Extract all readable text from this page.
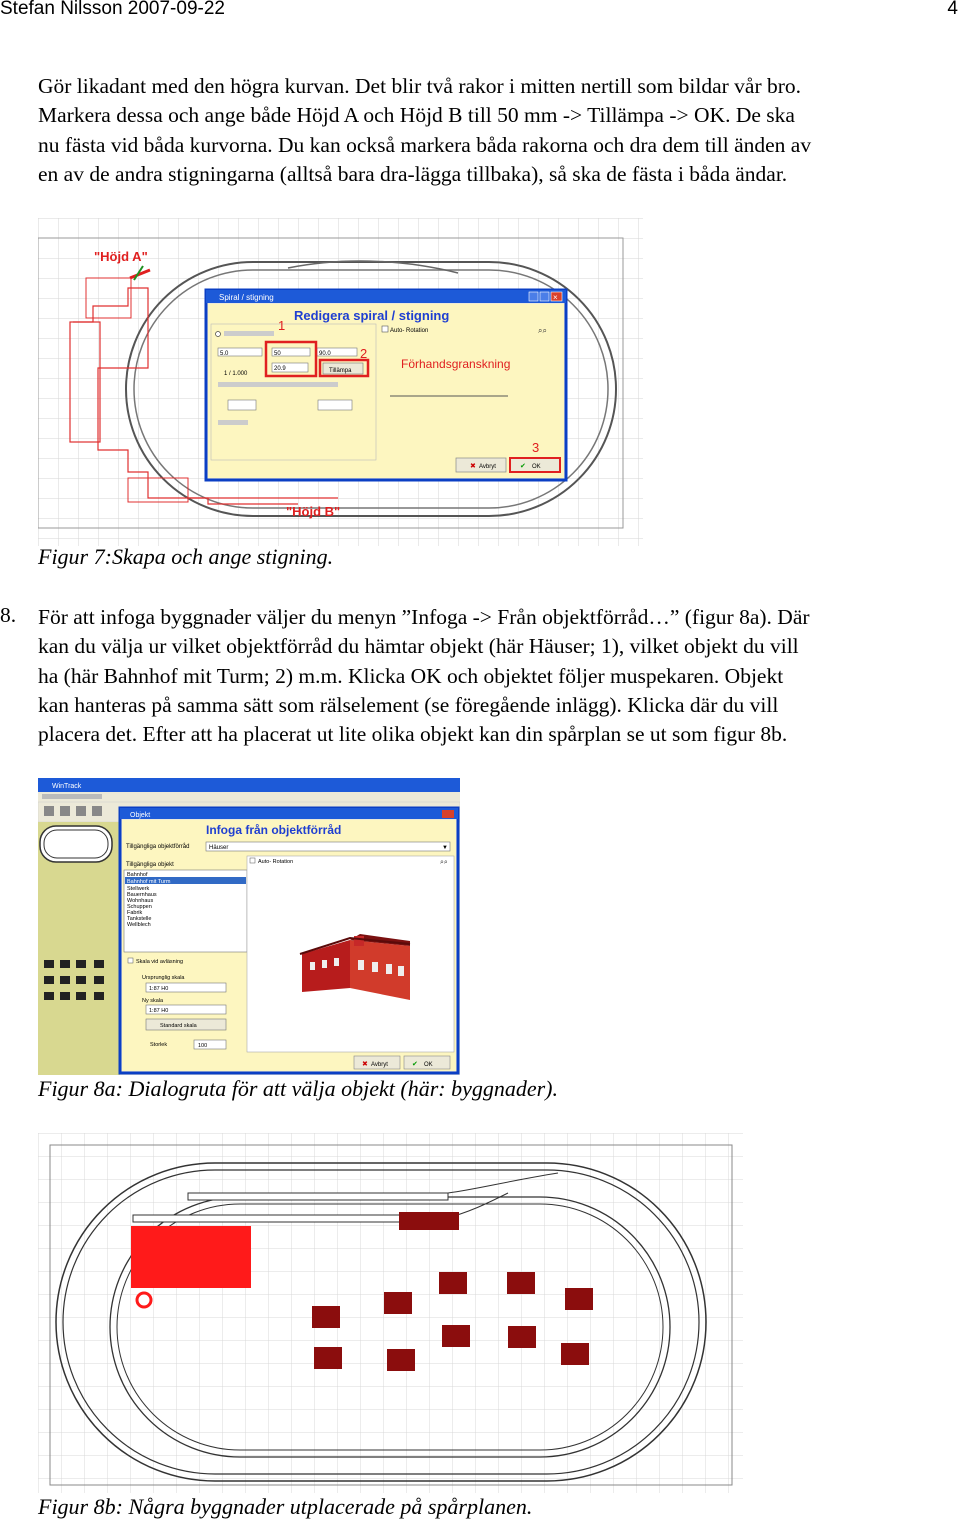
Stefan Nilsson 2007-09-22	4
Gör likadant med den högra kurvan. Det blir två rakor i mitten nertill som bildar vår bro.
Markera dessa och ange både Höjd A och Höjd B till 50 mm -> Tillämpa -> OK. De ska
nu fästa vid båda kurvorna. Du kan också markera båda rakorna och dra dem till änden av
en av de andra stigningarna (alltså bara dra-lägga tillbaka), så ska de fästa i båda ändar.
"Höjd A"
"Höjd B"
Spiral / stigning	×
Redigera spiral / stigning
5.0	50	90.0
1 / 1.000
20.9	Tillämpa
1
2
Auto- Rotation	⌕⌕
Förhandsgranskning
3
✖ Avbryt	✔ OK
Figur 7:Skapa och ange stigning.
8. För att infoga byggnader väljer du menyn ”Infoga -> Från objektförråd…” (figur 8a). Där
kan du välja ur vilket objektförråd du hämtar objekt (här Häuser; 1), vilket objekt du vill
ha (här Bahnhof mit Turm; 2) m.m. Klicka OK och objektet följer muspekaren. Objekt
kan hanteras på samma sätt som rälselement (se föregående inlägg). Klicka där du vill
placera det. Efter att ha placerat ut lite olika objekt kan din spårplan se ut som figur 8b.
WinTrack
Objekt
Infoga från objektförråd
Tillgängliga objektförråd	Häuser	▼
Tillgängliga objekt
Bahnhof
Bahnhof mit Turm
Stellwerk
Bauernhaus
Wohnhaus
Schuppen
Fabrik
Tankstelle
Wellblech
Skala vid avläsning
Ursprunglig skala
1:87 H0
Ny skala
1:87 H0
Standard skala
Storlek	100
Auto- Rotation	⌕⌕
✖ Avbryt	✔ OK
Figur 8a: Dialogruta för att välja objekt (här: byggnader).
Figur 8b: Några byggnader utplacerade på spårplanen.
